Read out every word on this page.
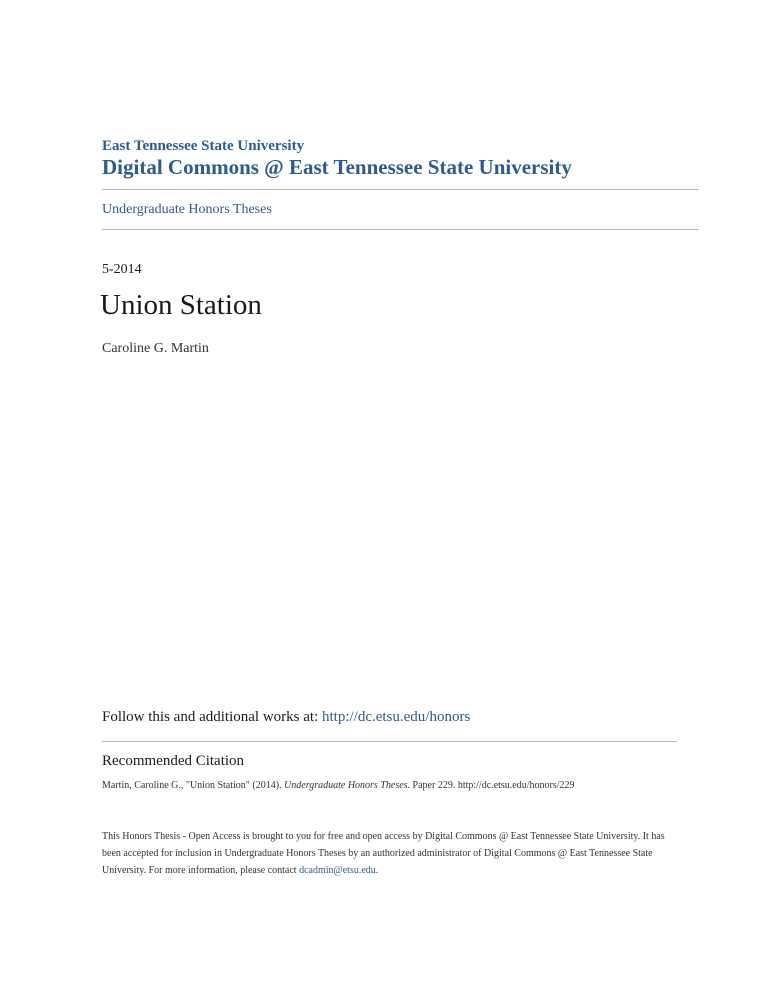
East Tennessee State University
Digital Commons @ East Tennessee State University
Undergraduate Honors Theses
5-2014
Union Station
Caroline G. Martin
Follow this and additional works at: http://dc.etsu.edu/honors
Recommended Citation
Martin, Caroline G., "Union Station" (2014). Undergraduate Honors Theses. Paper 229. http://dc.etsu.edu/honors/229
This Honors Thesis - Open Access is brought to you for free and open access by Digital Commons @ East Tennessee State University. It has been accepted for inclusion in Undergraduate Honors Theses by an authorized administrator of Digital Commons @ East Tennessee State University. For more information, please contact dcadmin@etsu.edu.
